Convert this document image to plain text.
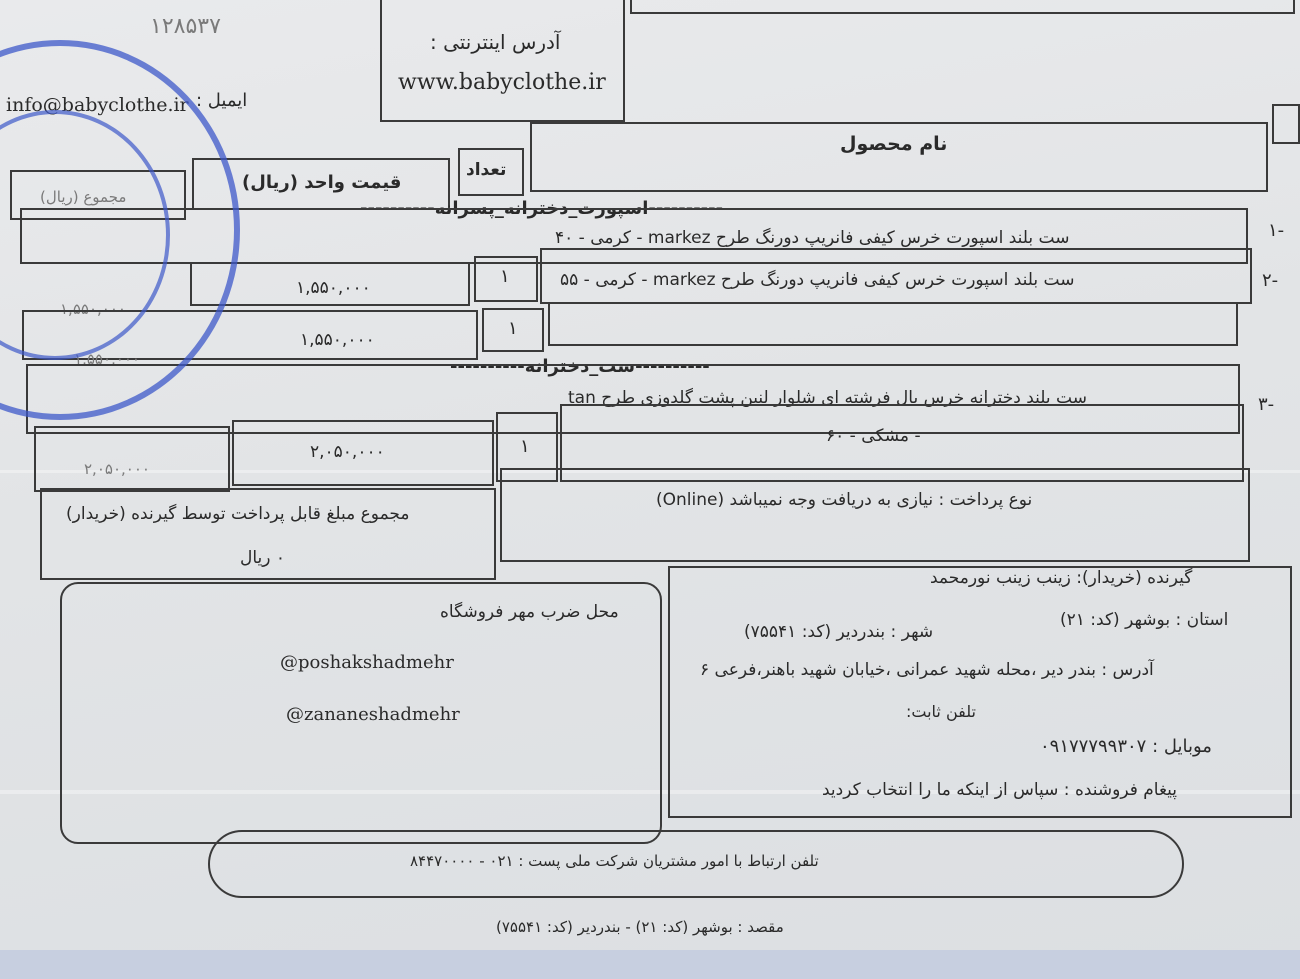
۱۲۸۵۳۷
آدرس اینترنتی :
www.babyclothe.ir
ایمیل :
info@babyclothe.ir
نام محصول
تعداد
قیمت واحد (ریال)
مجموع (ریال)
----------اسپورت_دخترانه_پسرانه----------
-۱
ست بلند اسپورت خرس کیفی فانریپ دورنگ طرح markez - کرمی - ۴۰
۱
۱,۵۵۰,۰۰۰
۱,۵۵۰,۰۰۰
-۲
ست بلند اسپورت خرس کیفی فانریپ دورنگ طرح markez - کرمی - ۵۵
۱
۱,۵۵۰,۰۰۰
۱,۵۵۰,۰۰۰	----------ست_دخترانه----------
-۳
ست بلند دخترانه خرس بال فرشته ای شلوار لنین پشت گلدوزی طرح tan
- مشکی - ۶۰
۱
۲,۰۵۰,۰۰۰
۲,۰۵۰,۰۰۰
نوع پرداخت : نیازی به دریافت وجه نمیباشد (Online)
مجموع مبلغ قابل پرداخت توسط گیرنده (خریدار)
۰ ریال
گیرنده (خریدار): زینب زینب نورمحمد
استان : بوشهر (کد: ۲۱)
شهر : بندردیر (کد: ۷۵۵۴۱)
آدرس : بندر دیر ،محله شهید عمرانی ،خیابان شهید باهنر،فرعی ۶
تلفن ثابت:
موبایل : ۰۹۱۷۷۷۹۹۳۰۷
پیغام فروشنده : سپاس از اینکه ما را انتخاب کردید
محل ضرب مهر فروشگاه
@poshakshadmehr
@zananeshadmehr
تلفن ارتباط با امور مشتریان شرکت ملی پست : ۰۲۱ - ۸۴۴۷۰۰۰۰
مقصد : بوشهر (کد: ۲۱) - بندردیر (کد: ۷۵۵۴۱)
